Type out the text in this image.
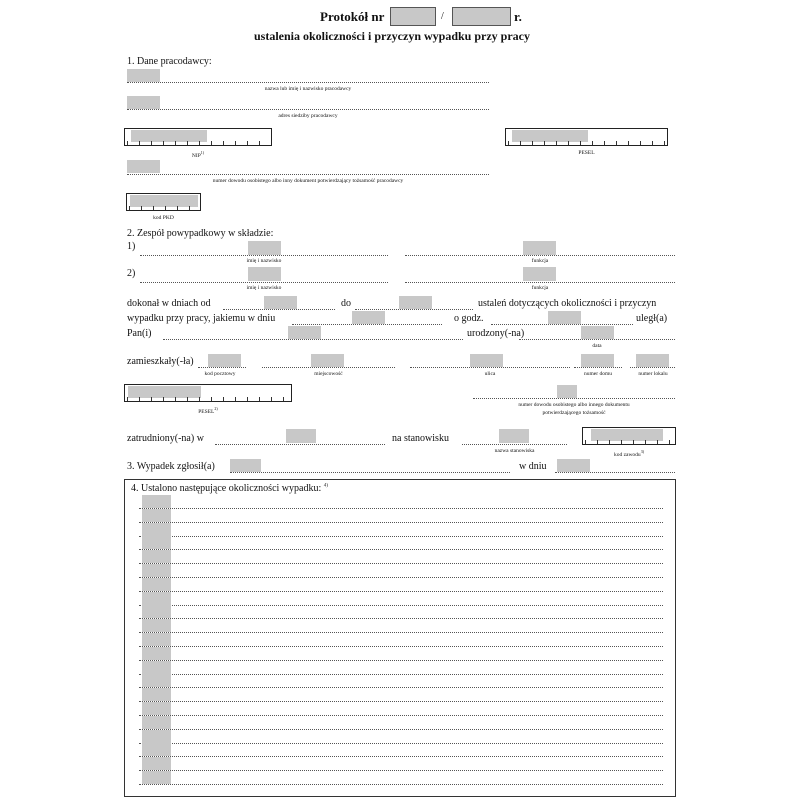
Protokół nr	/	r.
ustalenia okoliczności i przyczyn wypadku przy pracy
1. Dane pracodawcy:
nazwa lub imię i nazwisko pracodawcy
adres siedziby pracodawcy
NIP$^{1)}$	PESEL
numer dowodu osobistego albo inny dokument potwierdzający tożsamość pracodawcy
kod PKD
2. Zespół powypadkowy w składzie:
1)
imię i nazwisko	funkcja
2)
imię i nazwisko	funkcja
dokonał w dniach od	do	ustaleń dotyczących okoliczności i przyczyn
wypadku przy pracy, jakiemu w dniu	o godz.	uległ(a)
Pan(i)	urodzony(-na)
data
zamieszkały(-ła)
kod pocztowy	miejscowość	ulica	numer domu	numer lokalu
PESEL$^{2)}$
numer dowodu osobistego albo innego dokumentu
potwierdzającego tożsamość
zatrudniony(-na) w	na stanowisku
nazwa stanowiska
kod zawodu$^{3)}$
3. Wypadek zgłosił(a)	w dniu
4. Ustalono następujące okoliczności wypadku: $^{4)}$
